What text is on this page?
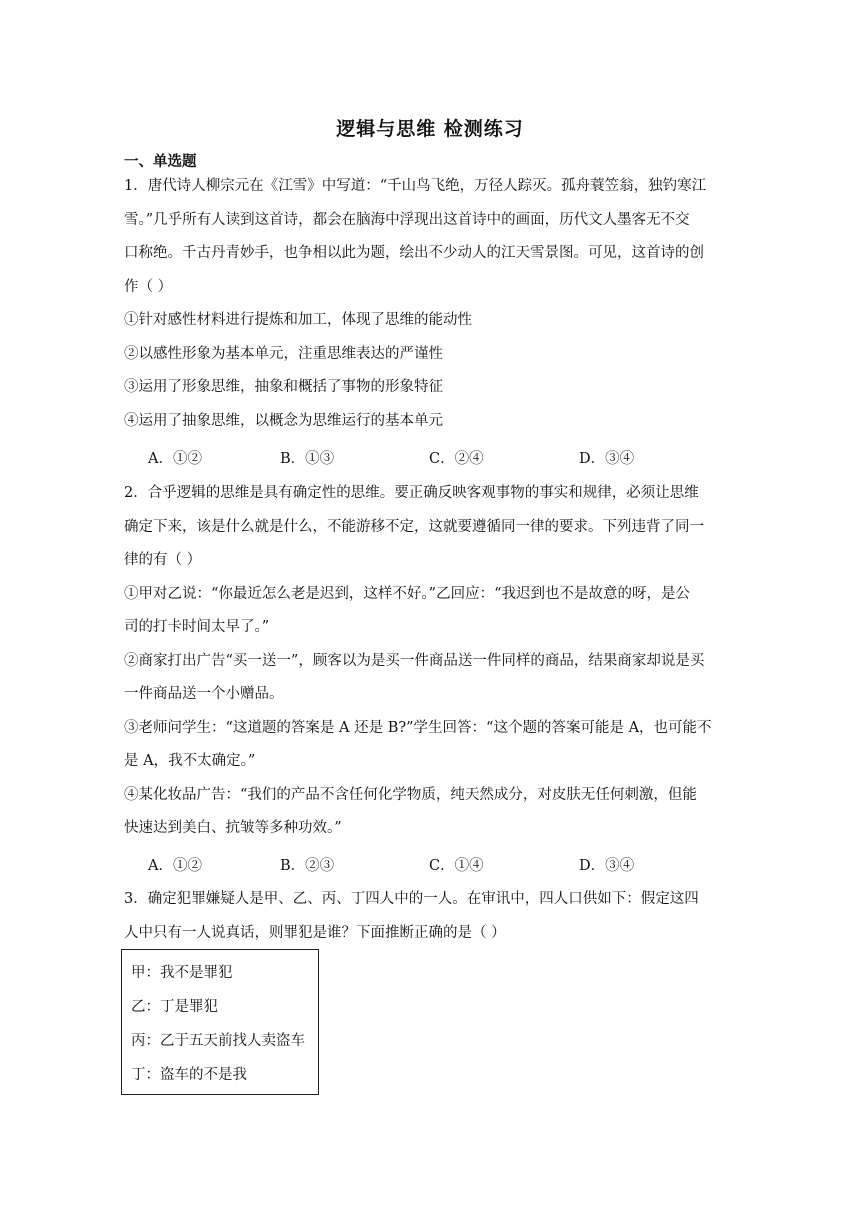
逻辑与思维 检测练习
一、单选题
1．唐代诗人柳宗元在《江雪》中写道：“千山鸟飞绝，万径人踪灭。孤舟蓑笠翁，独钓寒江
雪。”几乎所有人读到这首诗，都会在脑海中浮现出这首诗中的画面，历代文人墨客无不交
口称绝。千古丹青妙手，也争相以此为题，绘出不少动人的江天雪景图。可见，这首诗的创
作（ ）
①针对感性材料进行提炼和加工，体现了思维的能动性
②以感性形象为基本单元，注重思维表达的严谨性
③运用了形象思维，抽象和概括了事物的形象特征
④运用了抽象思维，以概念为思维运行的基本单元
A．①②	B．①③	C．②④	D．③④
2．合乎逻辑的思维是具有确定性的思维。要正确反映客观事物的事实和规律，必须让思维
确定下来，该是什么就是什么，不能游移不定，这就要遵循同一律的要求。下列违背了同一
律的有（ ）
①甲对乙说：“你最近怎么老是迟到，这样不好。”乙回应：“我迟到也不是故意的呀，是公
司的打卡时间太早了。”
②商家打出广告“买一送一”，顾客以为是买一件商品送一件同样的商品，结果商家却说是买
一件商品送一个小赠品。
③老师问学生：“这道题的答案是 A 还是 B?”学生回答：“这个题的答案可能是 A，也可能不
是 A，我不太确定。”
④某化妆品广告：“我们的产品不含任何化学物质，纯天然成分，对皮肤无任何刺激，但能
快速达到美白、抗皱等多种功效。”
A．①②	B．②③	C．①④	D．③④
3．确定犯罪嫌疑人是甲、乙、丙、丁四人中的一人。在审讯中，四人口供如下：假定这四
人中只有一人说真话，则罪犯是谁？下面推断正确的是（ ）
甲：我不是罪犯
乙：丁是罪犯
丙：乙于五天前找人卖盗车
丁：盗车的不是我
